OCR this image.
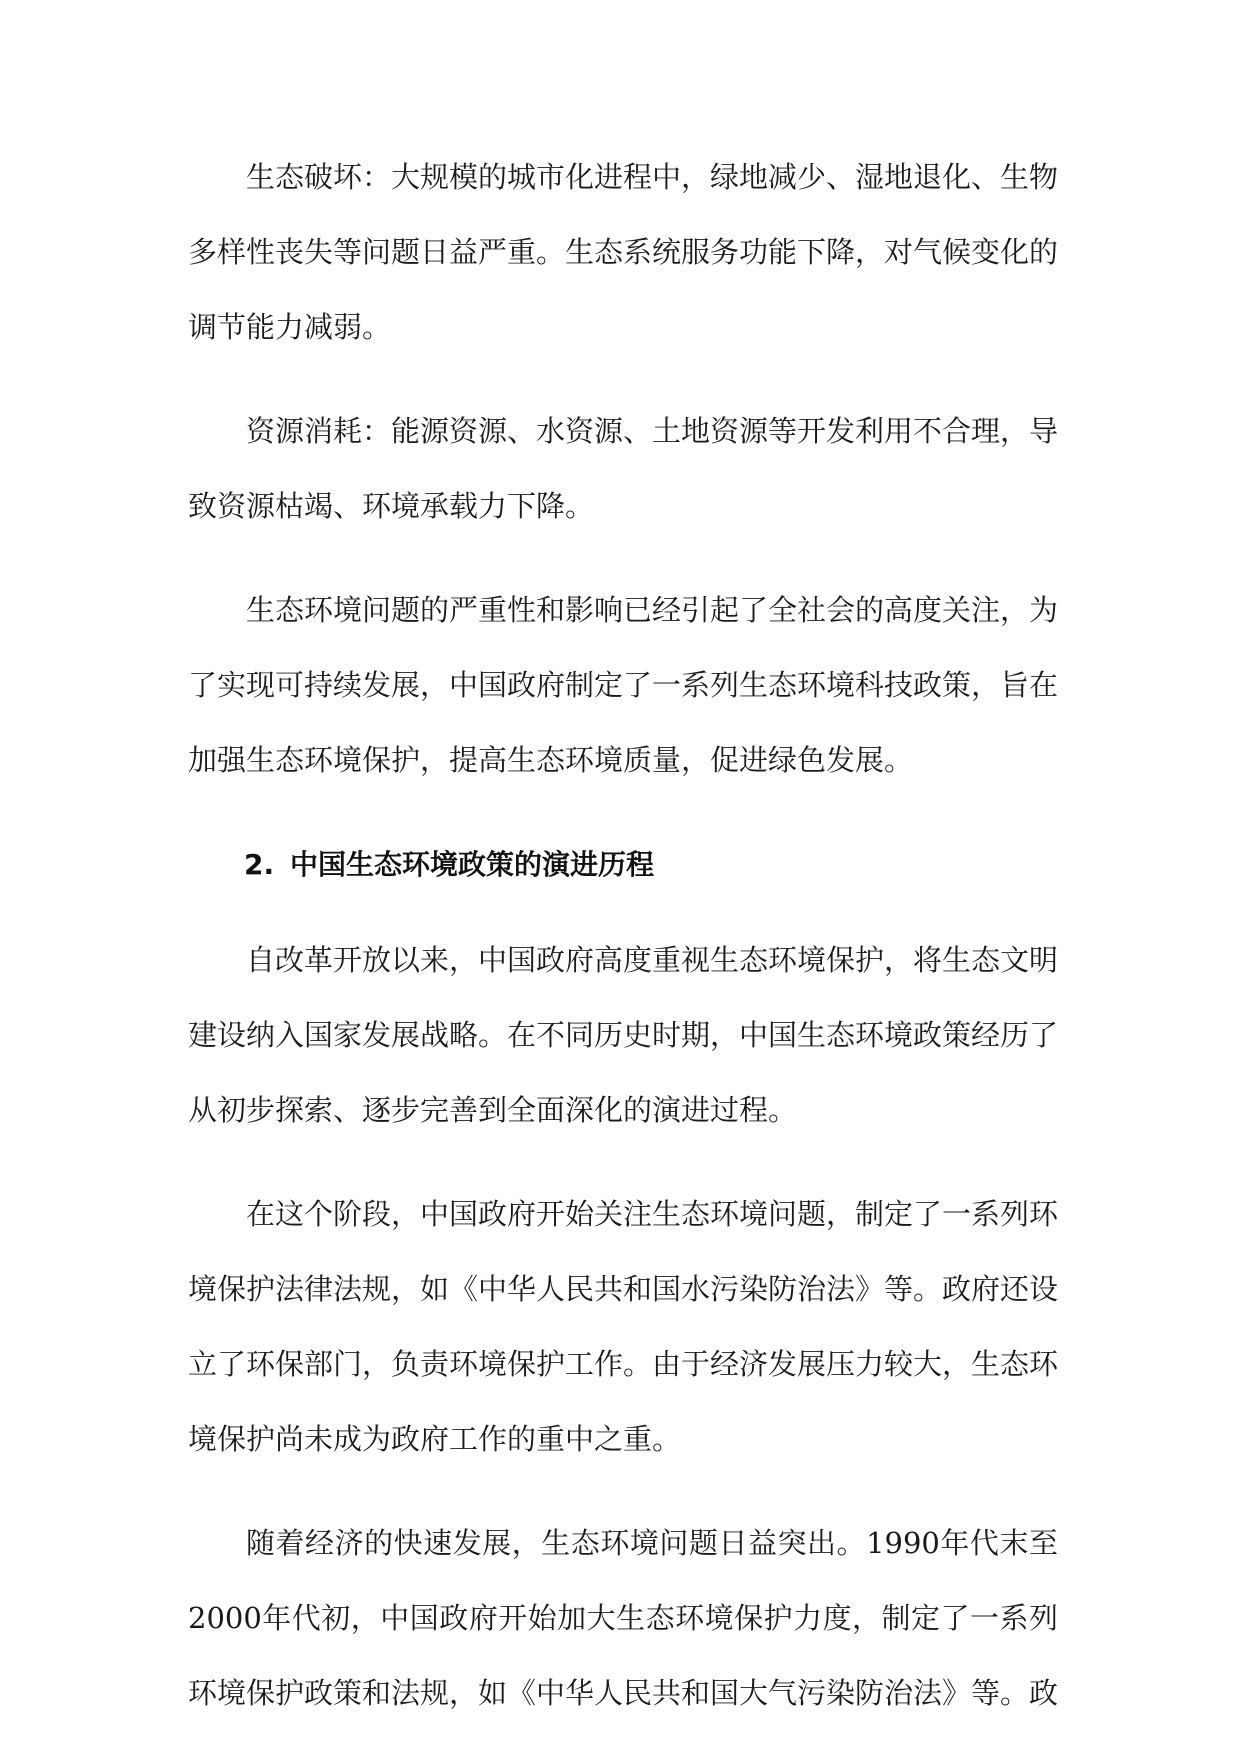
生态破坏：大规模的城市化进程中，绿地减少、湿地退化、生物多样性丧失等问题日益严重。生态系统服务功能下降，对气候变化的调节能力减弱。

资源消耗：能源资源、水资源、土地资源等开发利用不合理，导致资源枯竭、环境承载力下降。

生态环境问题的严重性和影响已经引起了全社会的高度关注，为了实现可持续发展，中国政府制定了一系列生态环境科技政策，旨在加强生态环境保护，提高生态环境质量，促进绿色发展。

2. 中国生态环境政策的演进历程

自改革开放以来，中国政府高度重视生态环境保护，将生态文明建设纳入国家发展战略。在不同历史时期，中国生态环境政策经历了从初步探索、逐步完善到全面深化的演进过程。

在这个阶段，中国政府开始关注生态环境问题，制定了一系列环境保护法律法规，如《中华人民共和国水污染防治法》等。政府还设立了环保部门，负责环境保护工作。由于经济发展压力较大，生态环境保护尚未成为政府工作的重中之重。

随着经济的快速发展，生态环境问题日益突出。1990年代末至2000年代初，中国政府开始加大生态环境保护力度，制定了一系列环境保护政策和法规，如《中华人民共和国大气污染防治法》等。政
